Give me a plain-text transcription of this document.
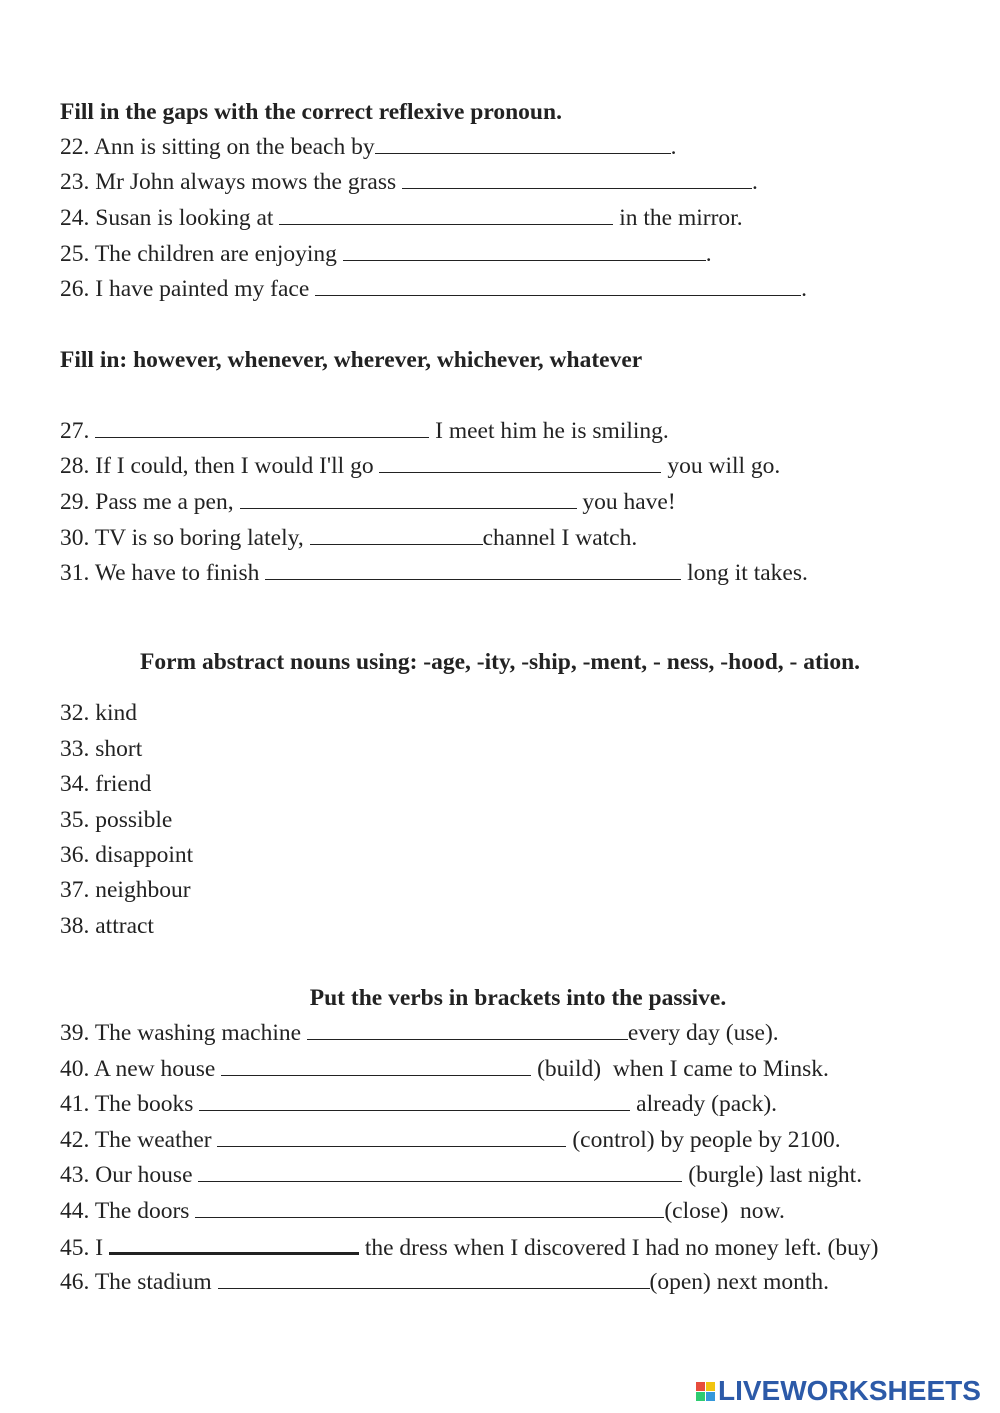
Fill in the gaps with the correct reflexive pronoun.
22. Ann is sitting on the beach by	.
23. Mr John always mows the grass	.
24. Susan is looking at	in the mirror.
25. The children are enjoying	.
26. I have painted my face	.
Fill in: however, whenever, wherever, whichever, whatever
27.	I meet him he is smiling.
28. If I could, then I would I'll go	you will go.
29. Pass me a pen,	you have!
30. TV is so boring lately,	channel I watch.
31. We have to finish	long it takes.
Form abstract nouns using: -age, -ity, -ship, -ment, - ness, -hood, - ation.
32. kind
33. short
34. friend
35. possible
36. disappoint
37. neighbour
38. attract
Put the verbs in brackets into the passive.
39. The washing machine	every day (use).
40. A new house	(build)  when I came to Minsk.
41. The books	already (pack).
42. The weather	(control) by people by 2100.
43. Our house	(burgle) last night.
44. The doors	(close)  now.
45. I	the dress when I discovered I had no money left. (buy)
46. The stadium	(open) next month.
LIVEWORKSHEETS
